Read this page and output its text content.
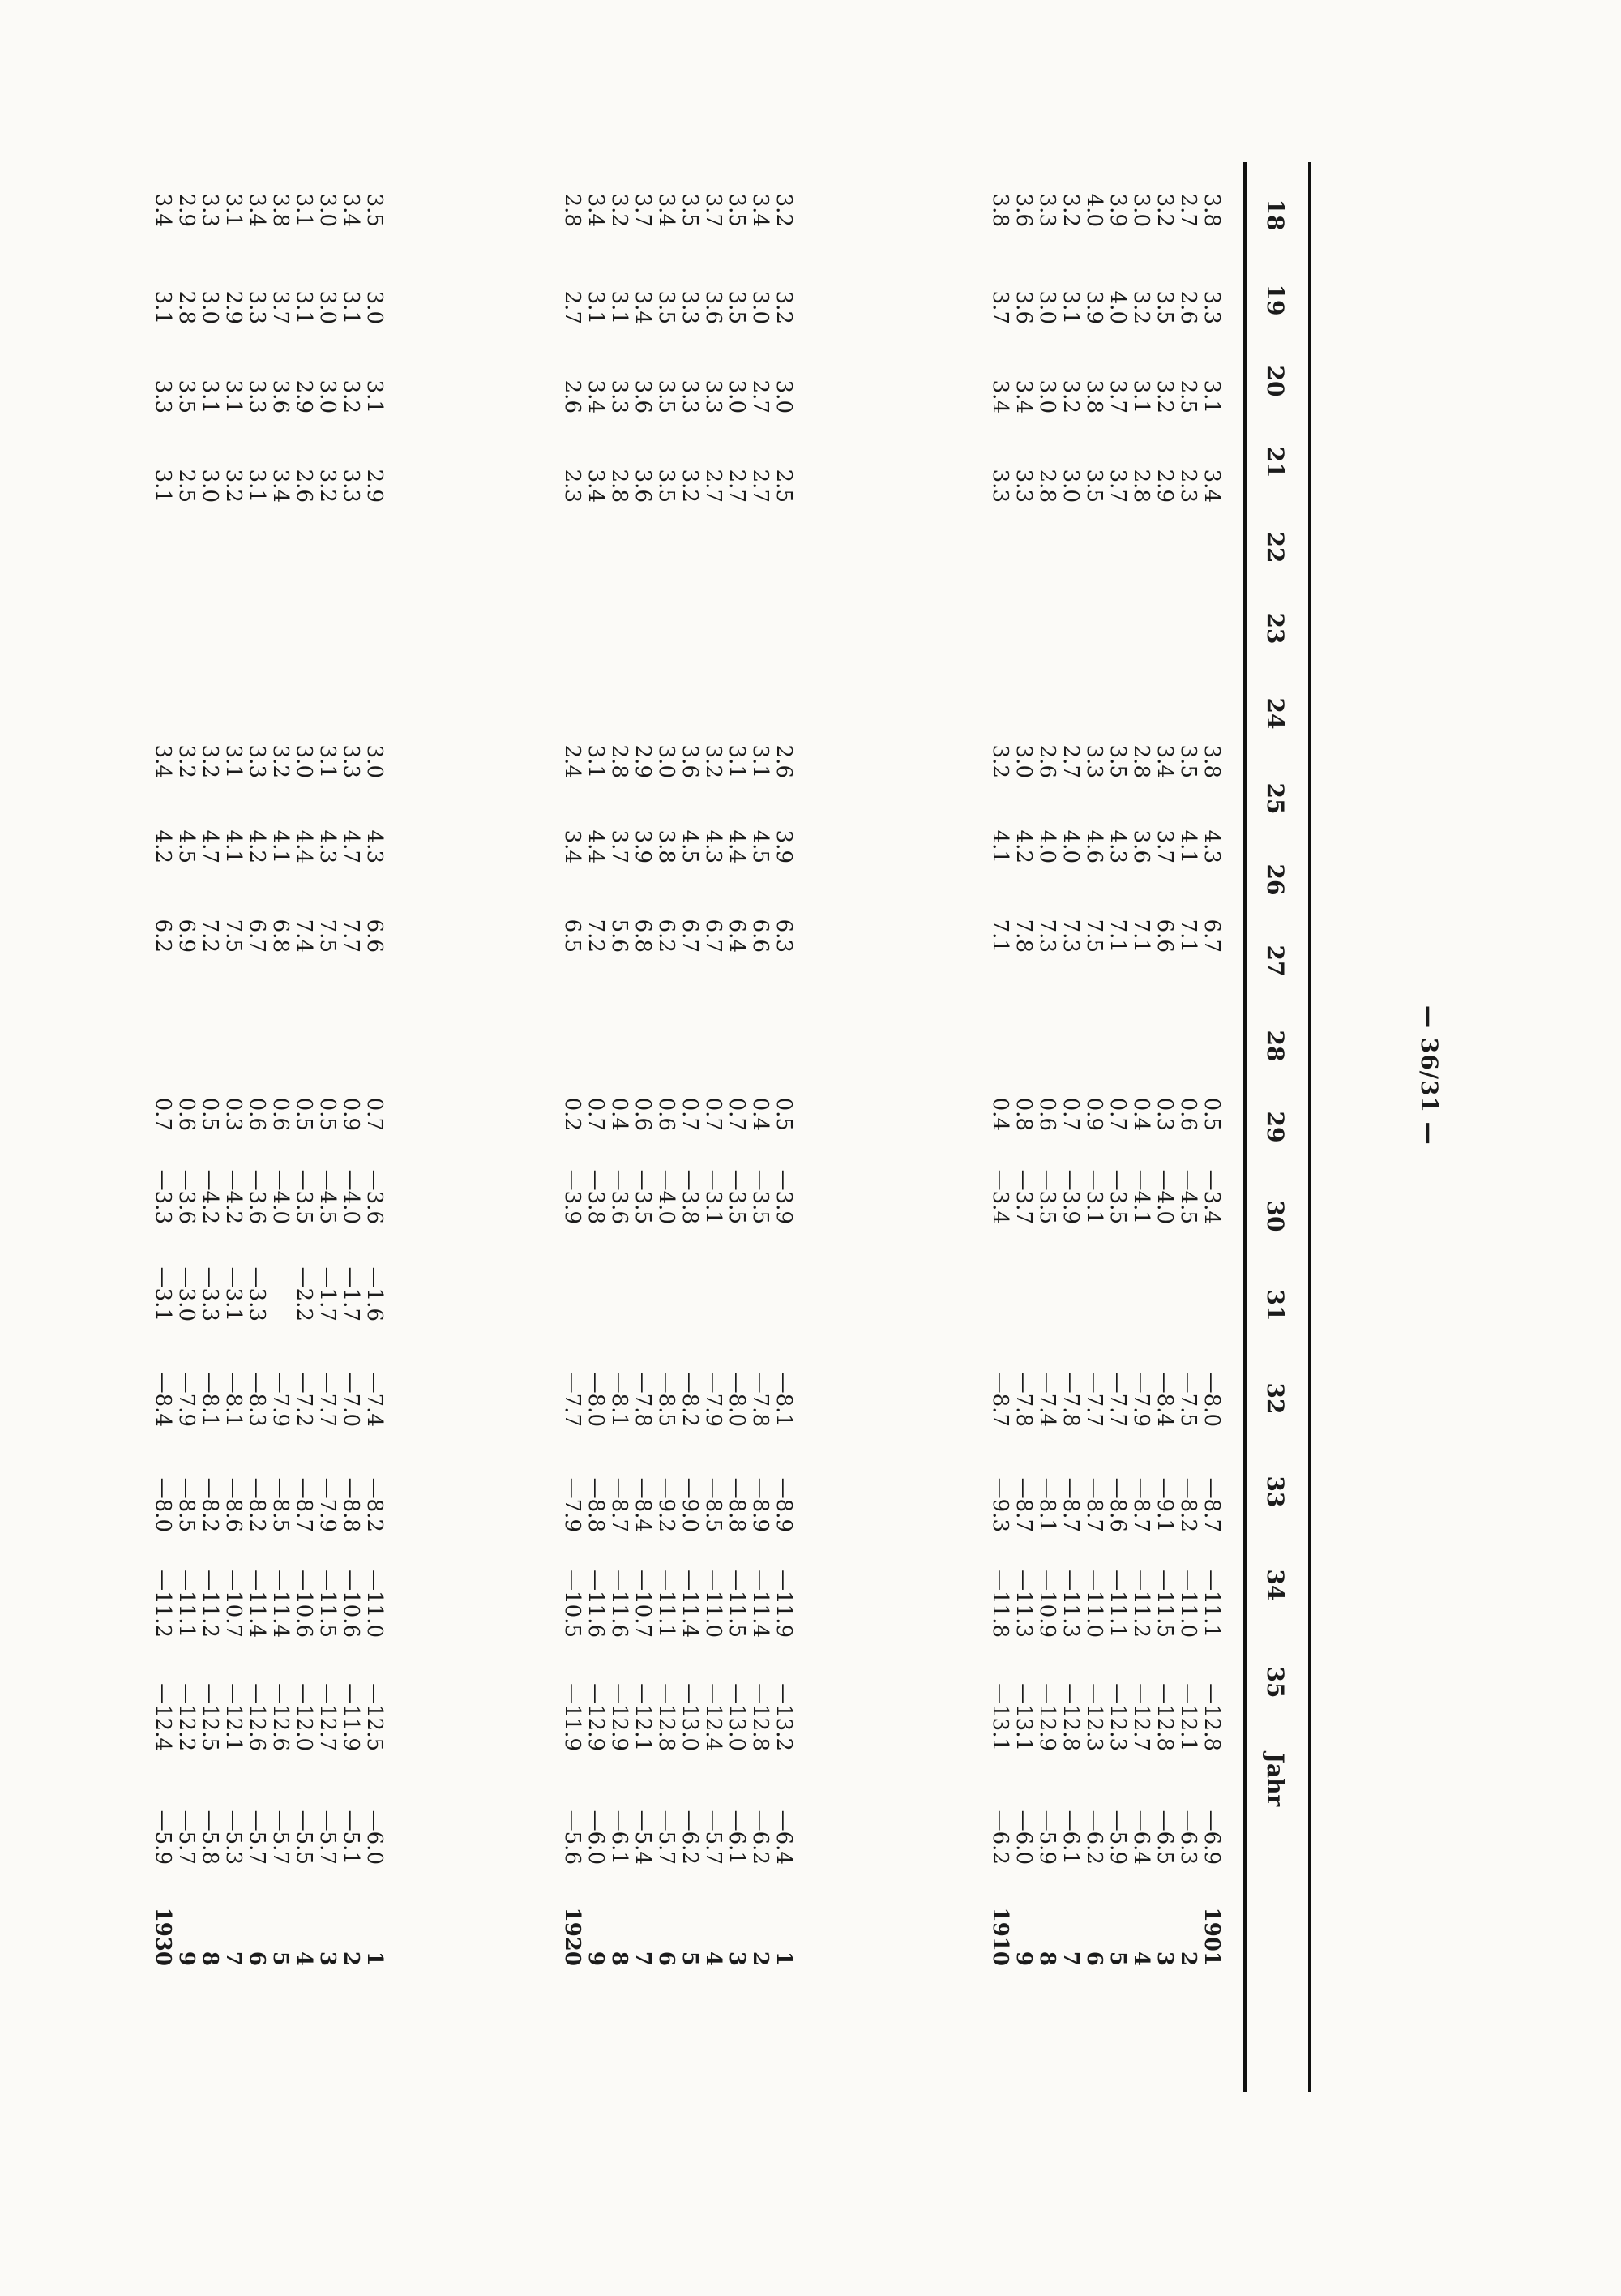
— 36/31 —
18
19
20
21
22
23
24
25
26
27
28
29
30
31
32
33
34
35
Jahr
3.8
3.3
3.1
3.4
3.8
4.3
6.7
0.5
—3.4
—8.0
—8.7
—11.1
—12.8
—6.9
1901
2.7
2.6
2.5
2.3
3.5
4.1
7.1
0.6
—4.5
—7.5
—8.2
—11.0
—12.1
—6.3
2
3.2
3.5
3.2
2.9
3.4
3.7
6.6
0.3
—4.0
—8.4
—9.1
—11.5
—12.8
—6.5
3
3.0
3.2
3.1
2.8
2.8
3.6
7.1
0.4
—4.1
—7.9
—8.7
—11.2
—12.7
—6.4
4
3.9
4.0
3.7
3.7
3.5
4.3
7.1
0.7
—3.5
—7.7
—8.6
—11.1
—12.3
—5.9
5
4.0
3.9
3.8
3.5
3.3
4.6
7.5
0.9
—3.1
—7.7
—8.7
—11.0
—12.3
—6.2
6
3.2
3.1
3.2
3.0
2.7
4.0
7.3
0.7
—3.9
—7.8
—8.7
—11.3
—12.8
—6.1
7
3.3
3.0
3.0
2.8
2.6
4.0
7.3
0.6
—3.5
—7.4
—8.1
—10.9
—12.9
—5.9
8
3.6
3.6
3.4
3.3
3.0
4.2
7.8
0.8
—3.7
—7.8
—8.7
—11.3
—13.1
—6.0
9
3.8
3.7
3.4
3.3
3.2
4.1
7.1
0.4
—3.4
—8.7
—9.3
—11.8
—13.1
—6.2
1910
3.2
3.2
3.0
2.5
2.6
3.9
6.3
0.5
—3.9
—8.1
—8.9
—11.9
—13.2
—6.4
1
3.4
3.0
2.7
2.7
3.1
4.5
6.6
0.4
—3.5
—7.8
—8.9
—11.4
—12.8
—6.2
2
3.5
3.5
3.0
2.7
3.1
4.4
6.4
0.7
—3.5
—8.0
—8.8
—11.5
—13.0
—6.1
3
3.7
3.6
3.3
2.7
3.2
4.3
6.7
0.7
—3.1
—7.9
—8.5
—11.0
—12.4
—5.7
4
3.5
3.3
3.3
3.2
3.6
4.5
6.7
0.7
—3.8
—8.2
—9.0
—11.4
—13.0
—6.2
5
3.4
3.5
3.5
3.5
3.0
3.8
6.2
0.6
—4.0
—8.5
—9.2
—11.1
—12.8
—5.7
6
3.7
3.4
3.6
3.6
2.9
3.9
6.8
0.6
—3.5
—7.8
—8.4
—10.7
—12.1
—5.4
7
3.2
3.1
3.3
2.8
2.8
3.7
5.6
0.4
—3.6
—8.1
—8.7
—11.6
—12.9
—6.1
8
3.4
3.1
3.4
3.4
3.1
4.4
7.2
0.7
—3.8
—8.0
—8.8
—11.6
—12.9
—6.0
9
2.8
2.7
2.6
2.3
2.4
3.4
6.5
0.2
—3.9
—7.7
—7.9
—10.5
—11.9
—5.6
1920
3.5
3.0
3.1
2.9
3.0
4.3
6.6
0.7
—3.6
—1.6
—7.4
—8.2
—11.0
—12.5
—6.0
1
3.4
3.1
3.2
3.3
3.3
4.7
7.7
0.9
—4.0
—1.7
—7.0
—8.8
—10.6
—11.9
—5.1
2
3.0
3.0
3.0
3.2
3.1
4.3
7.5
0.5
—4.5
—1.7
—7.7
—7.9
—11.5
—12.7
—5.7
3
3.1
3.1
2.9
2.6
3.0
4.4
7.4
0.5
—3.5
—2.2
—7.2
—8.7
—10.6
—12.0
—5.5
4
3.8
3.7
3.6
3.4
3.2
4.1
6.8
0.6
—4.0
—7.9
—8.5
—11.4
—12.6
—5.7
5
3.4
3.3
3.3
3.1
3.3
4.2
6.7
0.6
—3.6
—3.3
—8.3
—8.2
—11.4
—12.6
—5.7
6
3.1
2.9
3.1
3.2
3.1
4.1
7.5
0.3
—4.2
—3.1
—8.1
—8.6
—10.7
—12.1
—5.3
7
3.3
3.0
3.1
3.0
3.2
4.7
7.2
0.5
—4.2
—3.3
—8.1
—8.2
—11.2
—12.5
—5.8
8
2.9
2.8
3.5
2.5
3.2
4.5
6.9
0.6
—3.6
—3.0
—7.9
—8.5
—11.1
—12.2
—5.7
9
3.4
3.1
3.3
3.1
3.4
4.2
6.2
0.7
—3.3
—3.1
—8.4
—8.0
—11.2
—12.4
—5.9
1930
